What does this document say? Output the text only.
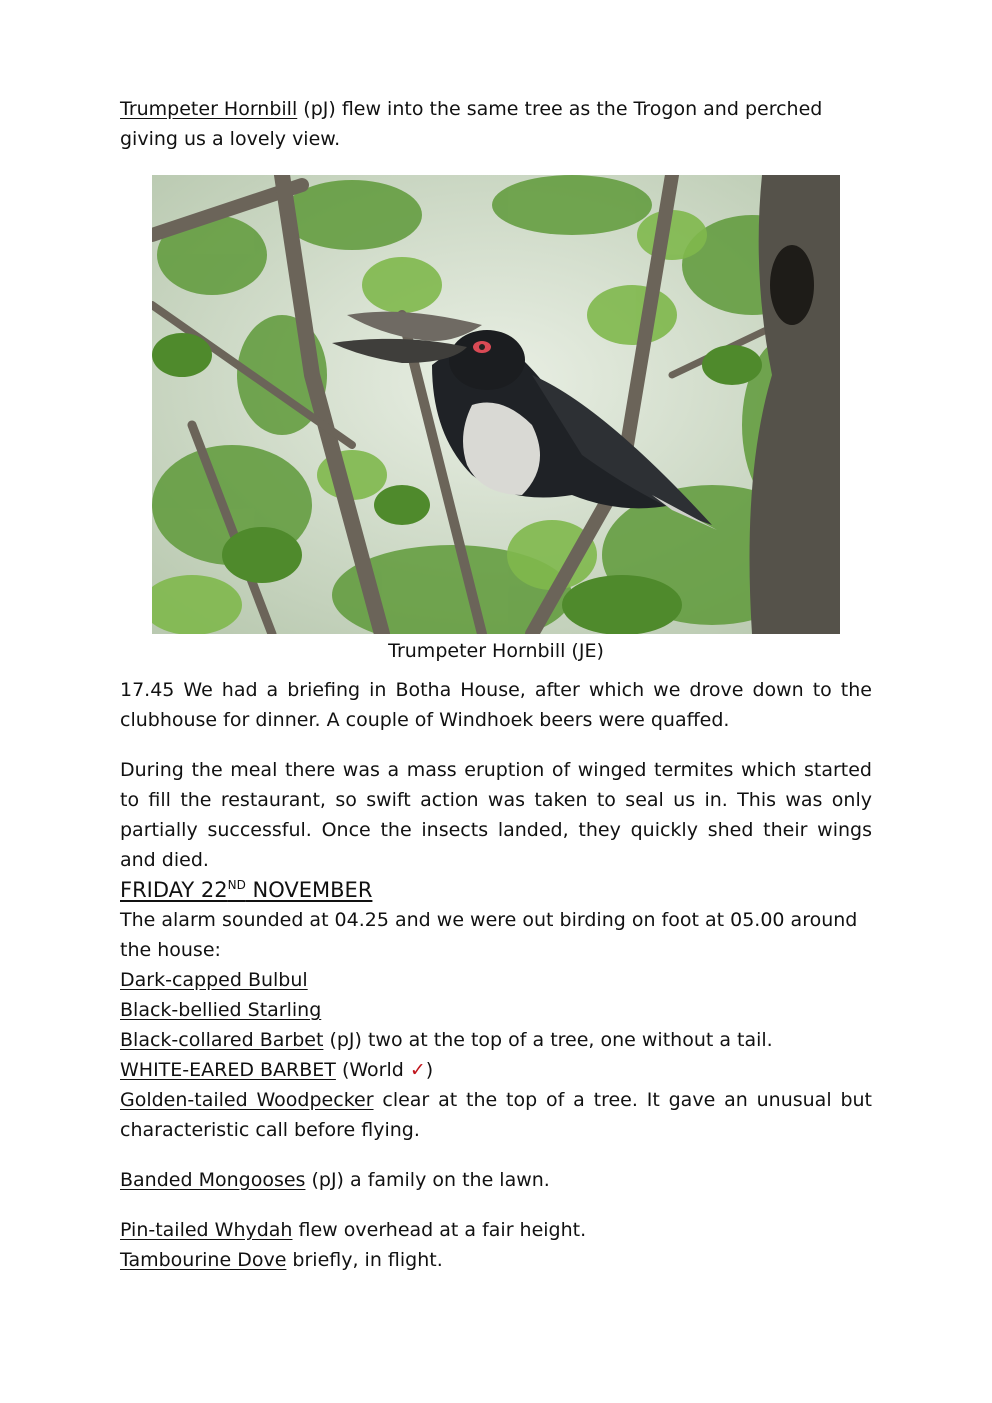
Trumpeter Hornbill (pJ) flew into the same tree as the Trogon and perched giving us a lovely view.

Trumpeter Hornbill (JE)

17.45 We had a briefing in Botha House, after which we drove down to the clubhouse for dinner. A couple of Windhoek beers were quaffed.

During the meal there was a mass eruption of winged termites which started to fill the restaurant, so swift action was taken to seal us in. This was only partially successful. Once the insects landed, they quickly shed their wings and died.

FRIDAY 22ND NOVEMBER

The alarm sounded at 04.25 and we were out birding on foot at 05.00 around the house:

Dark-capped Bulbul

Black-bellied Starling

Black-collared Barbet (pJ) two at the top of a tree, one without a tail.

WHITE-EARED BARBET (World ✓)

Golden-tailed Woodpecker clear at the top of a tree. It gave an unusual but characteristic call before flying.

Banded Mongooses (pJ) a family on the lawn.

Pin-tailed Whydah flew overhead at a fair height.

Tambourine Dove briefly, in flight.
